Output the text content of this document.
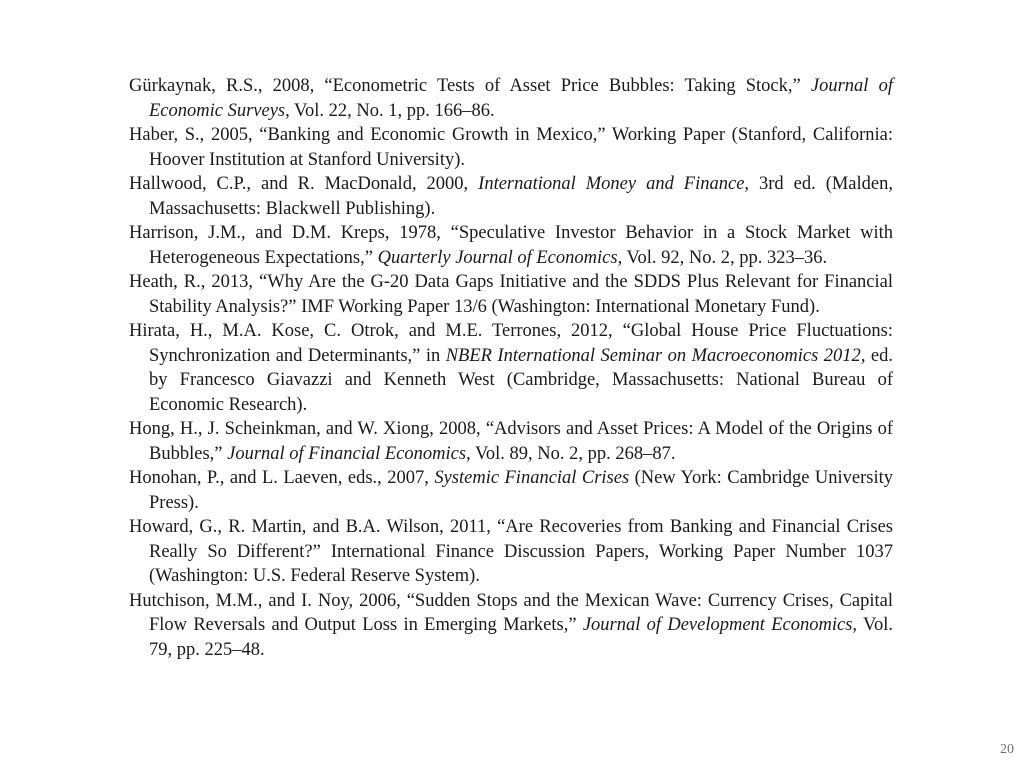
Gürkaynak, R.S., 2008, “Econometric Tests of Asset Price Bubbles: Taking Stock,” Journal of Economic Surveys, Vol. 22, No. 1, pp. 166–86.
Haber, S., 2005, “Banking and Economic Growth in Mexico,” Working Paper (Stanford, California: Hoover Institution at Stanford University).
Hallwood, C.P., and R. MacDonald, 2000, International Money and Finance, 3rd ed. (Malden, Massachusetts: Blackwell Publishing).
Harrison, J.M., and D.M. Kreps, 1978, “Speculative Investor Behavior in a Stock Market with Heterogeneous Expectations,” Quarterly Journal of Economics, Vol. 92, No. 2, pp. 323–36.
Heath, R., 2013, “Why Are the G-20 Data Gaps Initiative and the SDDS Plus Relevant for Financial Stability Analysis?” IMF Working Paper 13/6 (Washington: International Monetary Fund).
Hirata, H., M.A. Kose, C. Otrok, and M.E. Terrones, 2012, “Global House Price Fluctuations: Synchronization and Determinants,” in NBER International Seminar on Macroeconomics 2012, ed. by Francesco Giavazzi and Kenneth West (Cambridge, Massachusetts: National Bureau of Economic Research).
Hong, H., J. Scheinkman, and W. Xiong, 2008, “Advisors and Asset Prices: A Model of the Origins of Bubbles,” Journal of Financial Economics, Vol. 89, No. 2, pp. 268–87.
Honohan, P., and L. Laeven, eds., 2007, Systemic Financial Crises (New York: Cambridge University Press).
Howard, G., R. Martin, and B.A. Wilson, 2011, “Are Recoveries from Banking and Financial Crises Really So Different?” International Finance Discussion Papers, Working Paper Number 1037 (Washington: U.S. Federal Reserve System).
Hutchison, M.M., and I. Noy, 2006, “Sudden Stops and the Mexican Wave: Currency Crises, Capital Flow Reversals and Output Loss in Emerging Markets,” Journal of Development Economics, Vol. 79, pp. 225–48.
20
